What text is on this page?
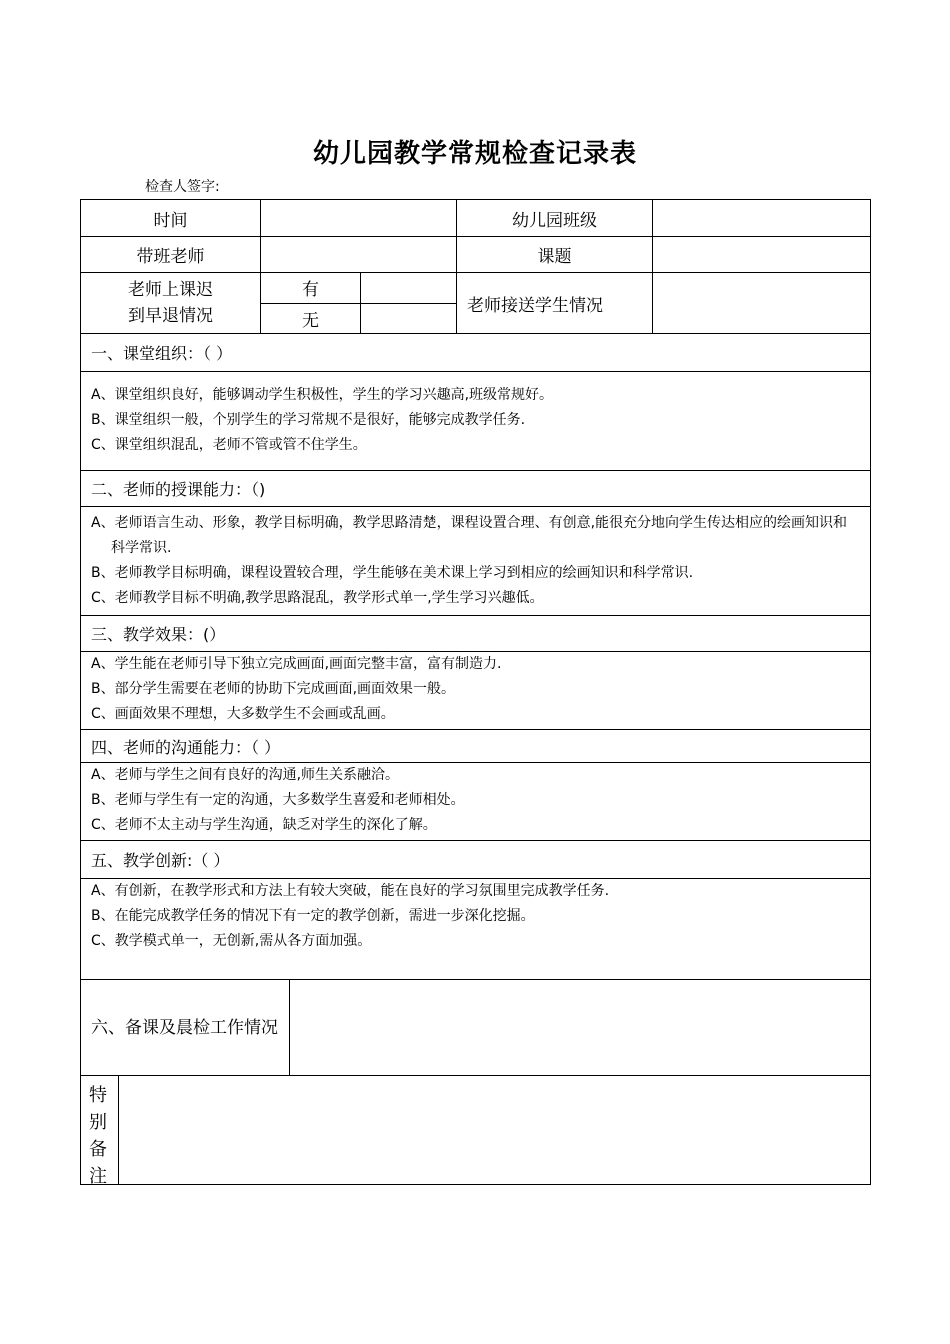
幼儿园教学常规检查记录表
检查人签字:
时间	幼儿园班级
带班老师	课题
老师上课迟
到早退情况
有
无
老师接送学生情况
一、课堂组织：（ ）
A、课堂组织良好，能够调动学生积极性，学生的学习兴趣高,班级常规好。
B、课堂组织一般，个别学生的学习常规不是很好，能够完成教学任务.
C、课堂组织混乱，老师不管或管不住学生。
二、老师的授课能力：（)
A、老师语言生动、形象，教学目标明确，教学思路清楚，课程设置合理、有创意,能很充分地向学生传达相应的绘画知识和科学常识.
B、老师教学目标明确，课程设置较合理，学生能够在美术课上学习到相应的绘画知识和科学常识.
C、老师教学目标不明确,教学思路混乱，教学形式单一,学生学习兴趣低。
三、教学效果：(）
A、学生能在老师引导下独立完成画面,画面完整丰富，富有制造力.
B、部分学生需要在老师的协助下完成画面,画面效果一般。
C、画面效果不理想，大多数学生不会画或乱画。
四、老师的沟通能力：（ ）
A、老师与学生之间有良好的沟通,师生关系融洽。
B、老师与学生有一定的沟通，大多数学生喜爱和老师相处。
C、老师不太主动与学生沟通，缺乏对学生的深化了解。
五、教学创新:（ ）
A、有创新，在教学形式和方法上有较大突破，能在良好的学习氛围里完成教学任务.
B、在能完成教学任务的情况下有一定的教学创新，需进一步深化挖掘。
C、教学模式单一，无创新,需从各方面加强。
六、备课及晨检工作情况
特别备注
